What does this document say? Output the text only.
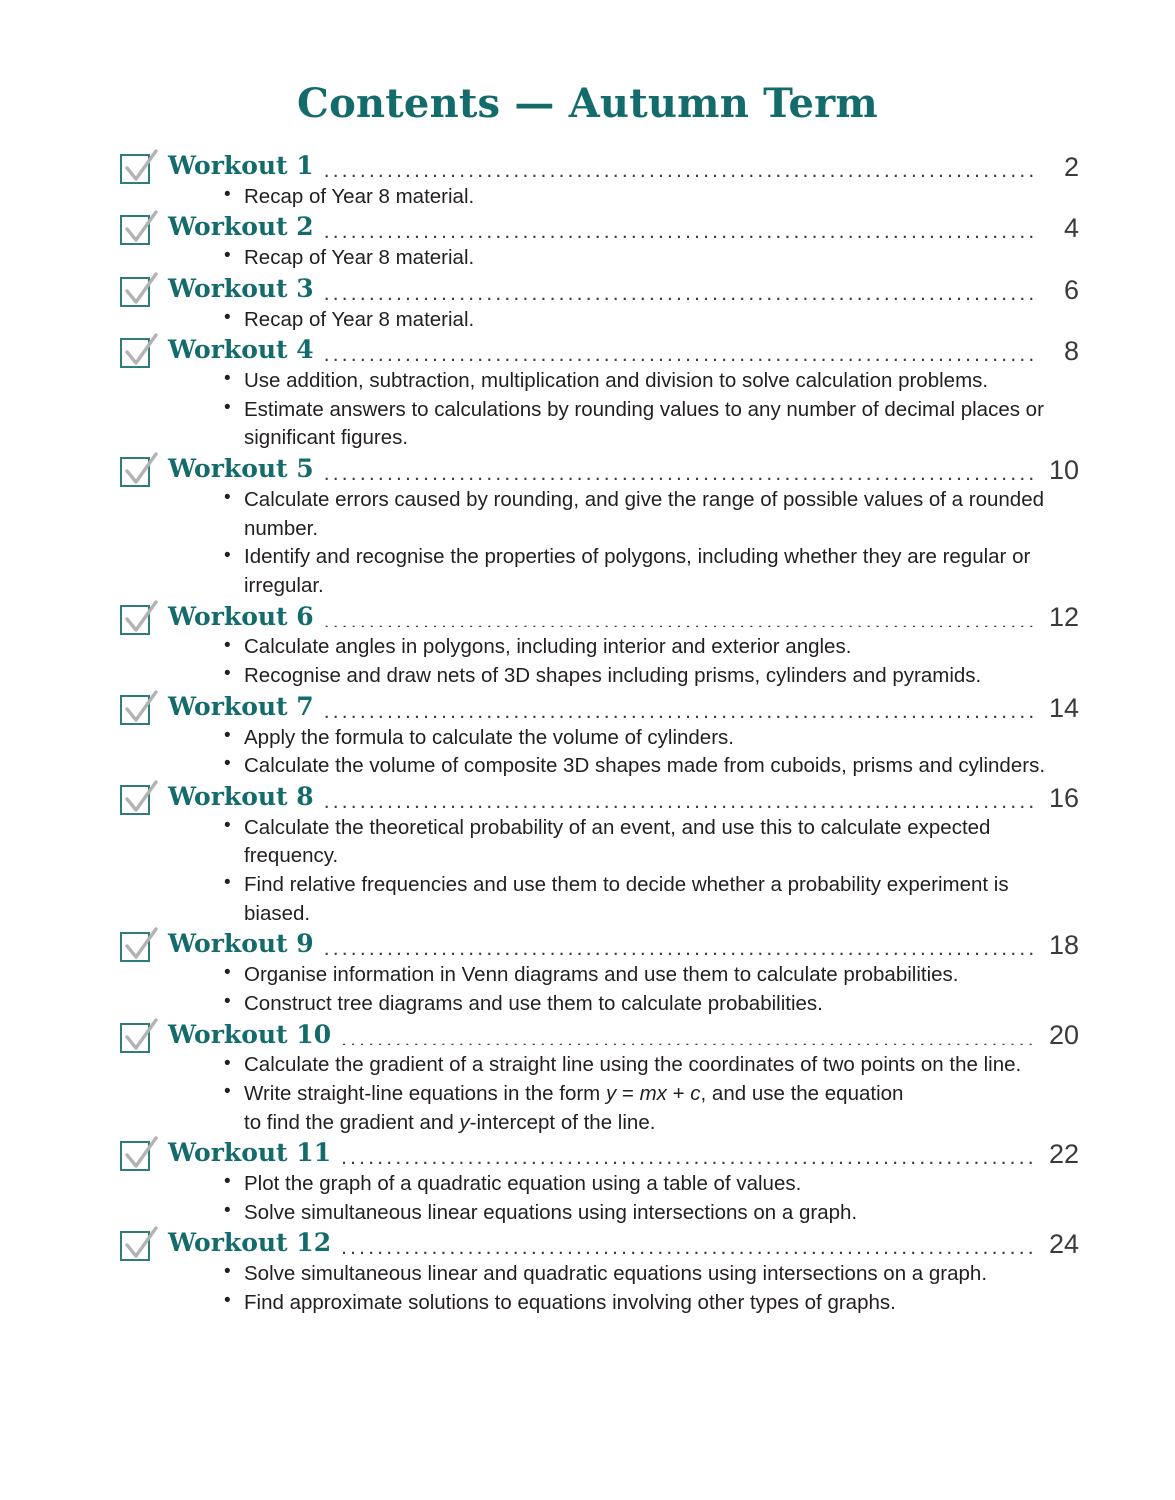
Contents — Autumn Term
Workout 1 .....	2
• Recap of Year 8 material.
Workout 2 .....	4
• Recap of Year 8 material.
Workout 3 .....	6
• Recap of Year 8 material.
Workout 4 .....	8
• Use addition, subtraction, multiplication and division to solve calculation problems.
• Estimate answers to calculations by rounding values to any number of decimal places or significant figures.
Workout 5 .....	10
• Calculate errors caused by rounding, and give the range of possible values of a rounded number.
• Identify and recognise the properties of polygons, including whether they are regular or irregular.
Workout 6 .....	12
• Calculate angles in polygons, including interior and exterior angles.
• Recognise and draw nets of 3D shapes including prisms, cylinders and pyramids.
Workout 7 .....	14
• Apply the formula to calculate the volume of cylinders.
• Calculate the volume of composite 3D shapes made from cuboids, prisms and cylinders.
Workout 8 .....	16
• Calculate the theoretical probability of an event, and use this to calculate expected frequency.
• Find relative frequencies and use them to decide whether a probability experiment is biased.
Workout 9 .....	18
• Organise information in Venn diagrams and use them to calculate probabilities.
• Construct tree diagrams and use them to calculate probabilities.
Workout 10 .....	20
• Calculate the gradient of a straight line using the coordinates of two points on the line.
• Write straight-line equations in the form y = mx + c, and use the equation
to find the gradient and y-intercept of the line.
Workout 11 .....	22
• Plot the graph of a quadratic equation using a table of values.
• Solve simultaneous linear equations using intersections on a graph.
Workout 12 .....	24
• Solve simultaneous linear and quadratic equations using intersections on a graph.
• Find approximate solutions to equations involving other types of graphs.
